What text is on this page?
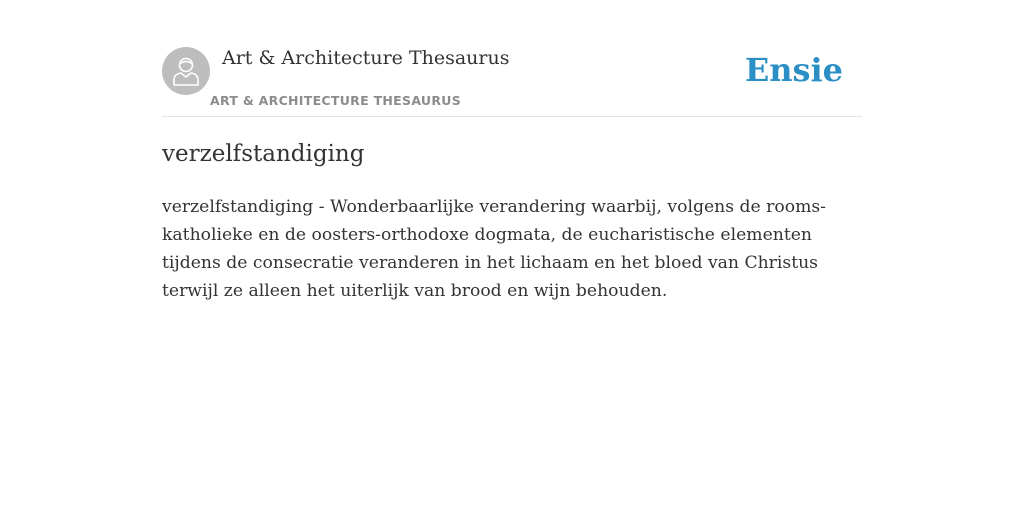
Art & Architecture Thesaurus
ART & ARCHITECTURE THESAURUS
Ensie
verzelfstandiging

verzelfstandiging - Wonderbaarlijke verandering waarbij, volgens de rooms-katholieke en de oosters-orthodoxe dogmata, de eucharistische elementen tijdens de consecratie veranderen in het lichaam en het bloed van Christus terwijl ze alleen het uiterlijk van brood en wijn behouden.
